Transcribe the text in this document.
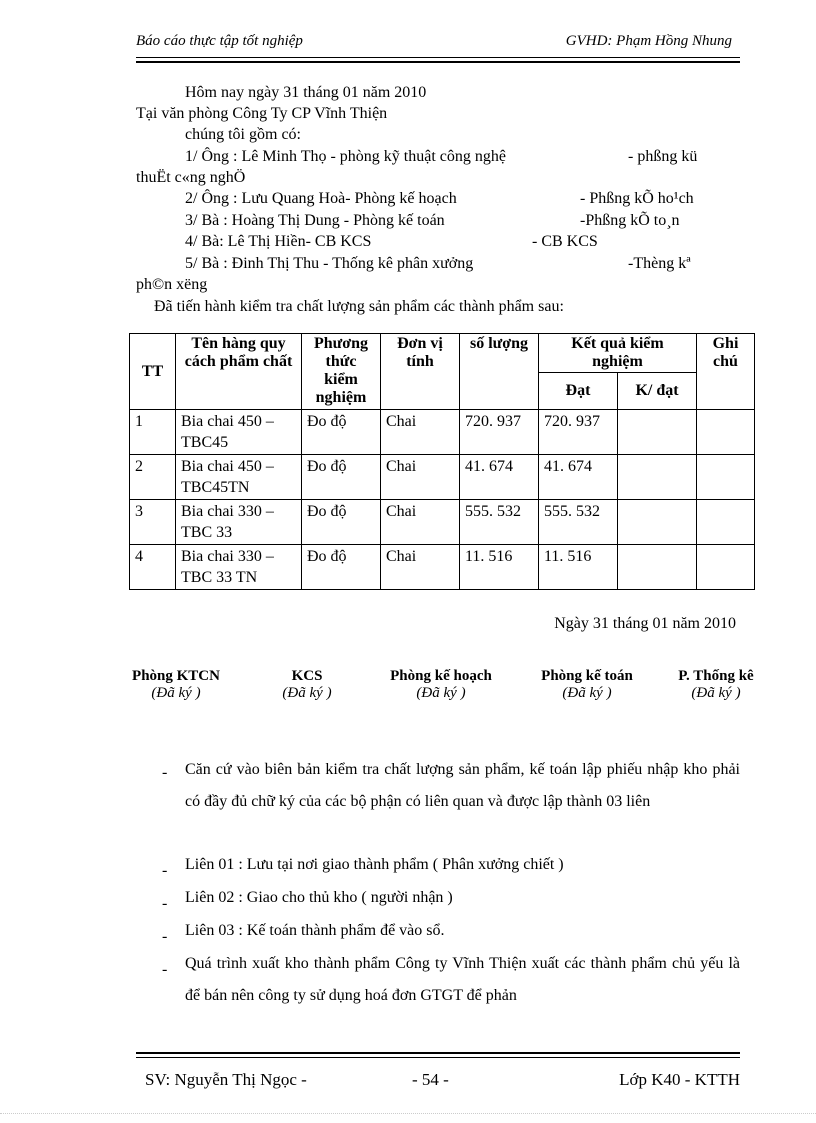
Báo cáo thực tập tốt nghiệp	GVHD: Phạm Hồng Nhung
Hôm nay ngày 31 tháng 01 năm 2010
Tại văn phòng Công Ty CP Vĩnh Thiện
chúng tôi gồm có:
1/ Ông : Lê Minh Thọ - phòng kỹ thuật công nghệ	- phßng kü
thuËt c«ng nghÖ
2/ Ông : Lưu Quang Hoà- Phòng kế hoạch	- Phßng kÕ ho¹ch
3/ Bà : Hoàng Thị Dung - Phòng kế toán	-Phßng kÕ to¸n
4/ Bà: Lê Thị Hiền- CB KCS	- CB KCS
5/ Bà : Đinh Thị Thu - Thống kê phân xưởng	-Thèng kª
ph©n xëng
Đã tiến hành kiểm tra chất lượng sản phẩm các thành phẩm sau:
TT	Tên hàng quy cách phẩm chất	Phương thức kiểm nghiệm	Đơn vị tính	số lượng	Kết quả kiểm nghiệm		Ghi chú
					Đạt	K/ đạt	
1	Bia chai 450 –TBC45	Đo độ	Chai	720. 937	720. 937		
2	Bia chai 450 –TBC45TN	Đo độ	Chai	41. 674	41. 674		
3	Bia chai 330 – TBC 33	Đo độ	Chai	555. 532	555. 532		
4	Bia chai 330 – TBC 33 TN	Đo độ	Chai	11. 516	11. 516		
Ngày 31 tháng 01 năm 2010
Phòng KTCN
(Đã ký )
KCS
(Đã ký )
Phòng kế hoạch
(Đã ký )
Phòng kế toán
(Đã ký )
P. Thống kê
(Đã ký )
- Căn cứ vào biên bản kiểm tra chất lượng sản phẩm, kế toán lập phiếu nhập kho phải có đầy đủ chữ ký của các bộ phận có liên quan và được lập thành 03 liên
- Liên 01 : Lưu tại nơi giao thành phẩm ( Phân xưởng chiết )
- Liên 02 : Giao cho thủ kho ( người nhận )
- Liên 03 : Kế toán thành phẩm để vào sổ.
- Quá trình xuất kho thành phẩm Công ty Vĩnh Thiện xuất các thành phẩm chủ yếu là để bán nên công ty sử dụng hoá đơn GTGT để phản
SV: Nguyễn Thị Ngọc -	- 54 -	Lớp K40 - KTTH
